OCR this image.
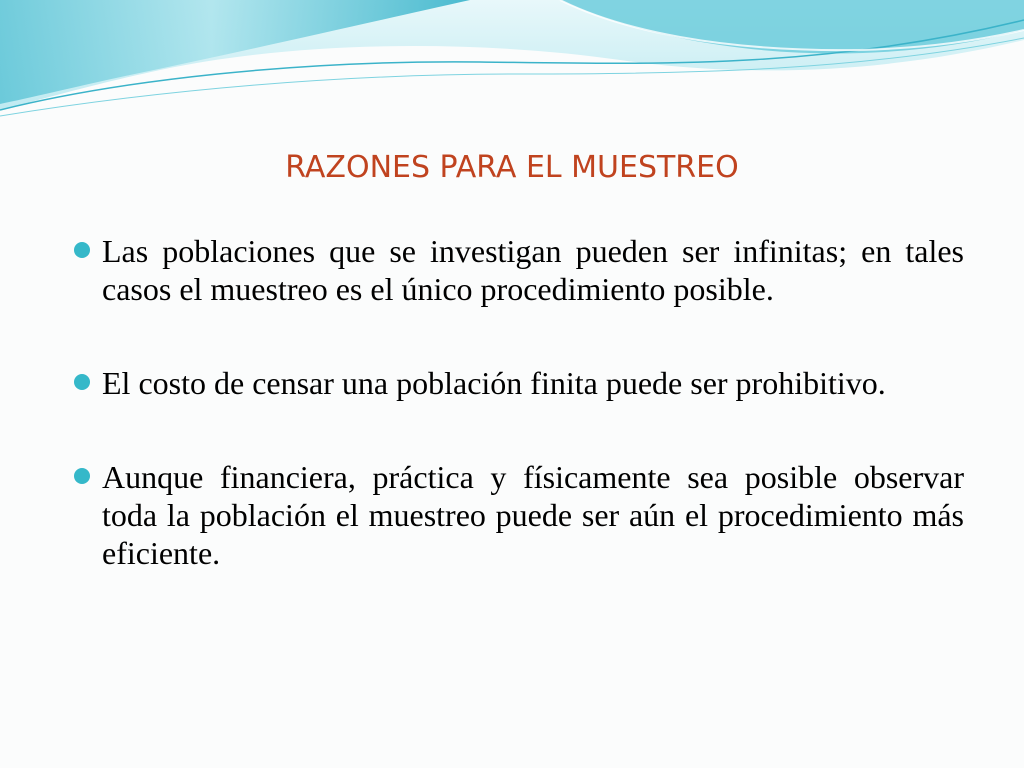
RAZONES PARA EL MUESTREO
Las poblaciones que se investigan pueden ser infinitas; en tales casos el muestreo es el único procedimiento posible.
El costo de censar una población finita puede ser prohibitivo.
Aunque financiera, práctica y físicamente sea posible observar toda la población el muestreo puede ser aún el procedimiento más eficiente.
